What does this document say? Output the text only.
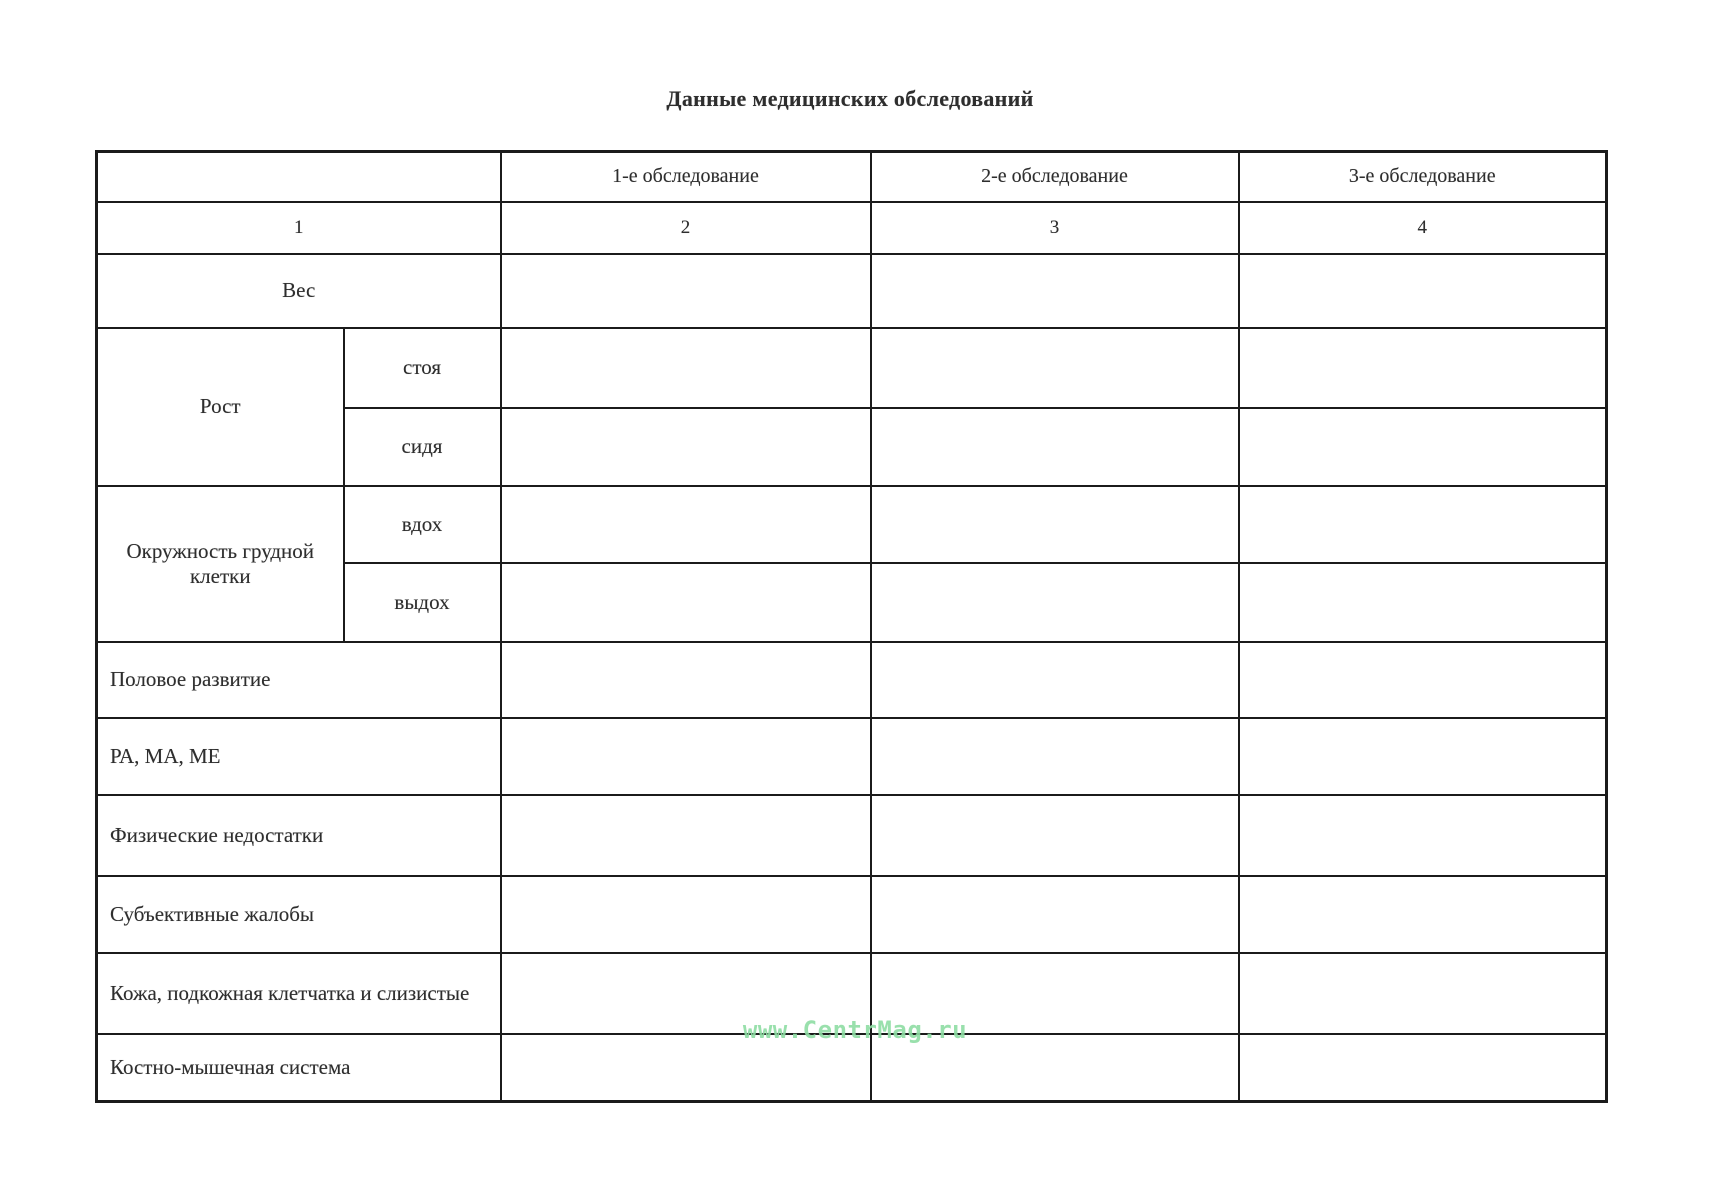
Данные медицинских обследований
		1-е обследование	2-е обследование	3-е обследование
1		2	3	4
Вес				
Рост	стоя			
	сидя			
Окружность грудной клетки	вдох			
	выдох			
Половое развитие				
РА, МА, МЕ				
Физические недостатки				
Субъективные жалобы				

Кожа, подкожная клетчатка и слизистые				

Костно-мышечная система				
www.CentrMag.ru
